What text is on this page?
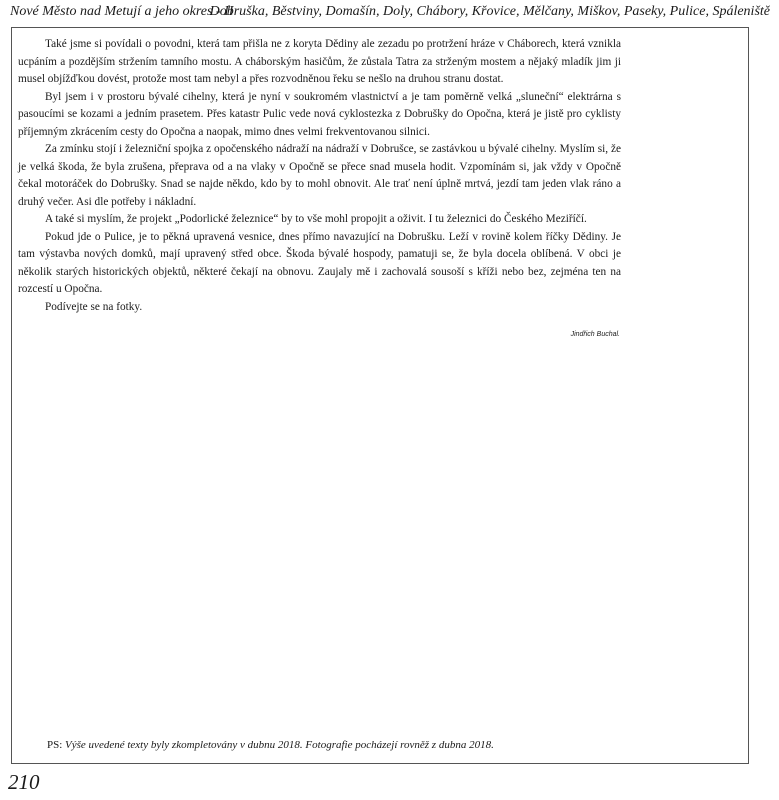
Nové Město nad Metují a jeho okres - II
Dobruška, Běstviny, Domašín, Doly, Chábory, Křovice, Mělčany, Miškov, Paseky, Pulice, Spáleniště

Také jsme si povídali o povodni, která tam přišla ne z koryta Dědiny ale zezadu po protržení hráze v Cháborech, která vznikla ucpáním a pozdějším stržením tamního mostu. A cháborským hasičům, že zůstala Tatra za strženým mostem a nějaký mladík jim ji musel objížďkou dovést, protože most tam nebyl a přes rozvodněnou řeku se nešlo na druhou stranu dostat.

Byl jsem i v prostoru bývalé cihelny, která je nyní v soukromém vlastnictví a je tam poměrně velká „sluneční“ elektrárna s pasoucími se kozami a jedním prasetem. Přes katastr Pulic vede nová cyklostezka z Dobrušky do Opočna, která je jistě pro cyklisty příjemným zkrácením cesty do Opočna a naopak, mimo dnes velmi frekventovanou silnici.

Za zmínku stojí i železniční spojka z opočenského nádraží na nádraží v Dobrušce, se zastávkou u bývalé cihelny. Myslím si, že je velká škoda, že byla zrušena, přeprava od a na vlaky v Opočně se přece snad musela hodit. Vzpomínám si, jak vždy v Opočně čekal motoráček do Dobrušky. Snad se najde někdo, kdo by to mohl obnovit. Ale trať není úplně mrtvá, jezdí tam jeden vlak ráno a druhý večer. Asi dle potřeby i nákladní.

A také si myslím, že projekt „Podorlické železnice“ by to vše mohl propojit a oživit. I tu železnici do Českého Meziříčí.

Pokud jde o Pulice, je to pěkná upravená vesnice, dnes přímo navazující na Dobrušku. Leží v rovině kolem říčky Dědiny. Je tam výstavba nových domků, mají upravený střed obce. Škoda bývalé hospody, pamatuji se, že byla docela oblíbená. V obci je několik starých historických objektů, některé čekají na obnovu. Zaujaly mě i zachovalá sousoší s kříži nebo bez, zejména ten na rozcestí u Opočna.

Podívejte se na fotky.

Jindřich Buchal.
PS: Výše uvedené texty byly zkompletovány v dubnu 2018. Fotografie pocházejí rovněž z dubna 2018.
210
